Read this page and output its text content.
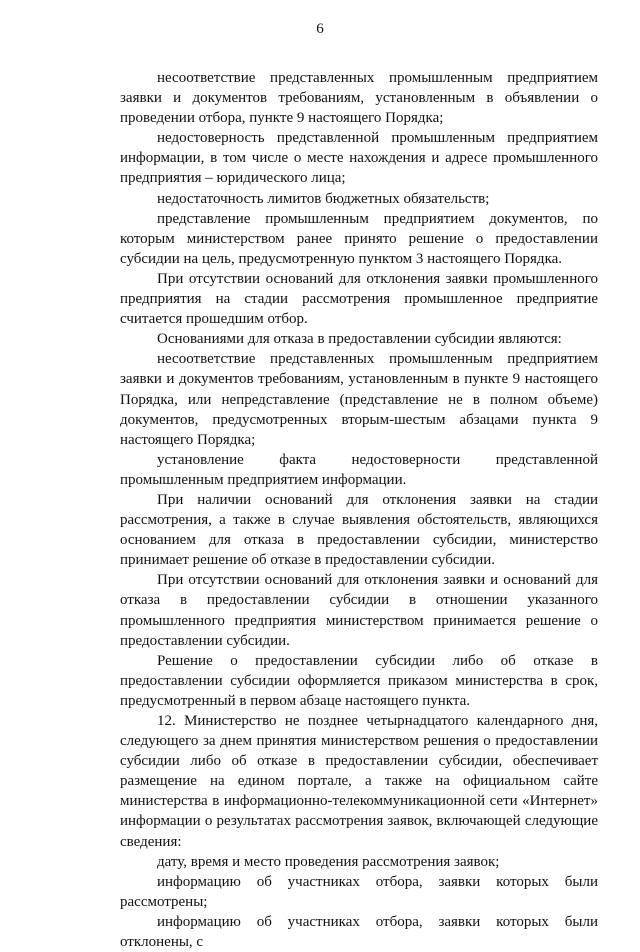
6

несоответствие представленных промышленным предприятием заявки и документов требованиям, установленным в объявлении о проведении отбора, пункте 9 настоящего Порядка;

недостоверность представленной промышленным предприятием информации, в том числе о месте нахождения и адресе промышленного предприятия – юридического лица;

недостаточность лимитов бюджетных обязательств;

представление промышленным предприятием документов, по которым министерством ранее принято решение о предоставлении субсидии на цель, предусмотренную пунктом 3 настоящего Порядка.

При отсутствии оснований для отклонения заявки промышленного предприятия на стадии рассмотрения промышленное предприятие считается прошедшим отбор.

Основаниями для отказа в предоставлении субсидии являются:

несоответствие представленных промышленным предприятием заявки и документов требованиям, установленным в пункте 9 настоящего Порядка, или непредставление (представление не в полном объеме) документов, предусмотренных вторым-шестым абзацами пункта 9 настоящего Порядка;

установление факта недостоверности представленной промышленным предприятием информации.

При наличии оснований для отклонения заявки на стадии рассмотрения, а также в случае выявления обстоятельств, являющихся основанием для отказа в предоставлении субсидии, министерство принимает решение об отказе в предоставлении субсидии.

При отсутствии оснований для отклонения заявки и оснований для отказа в предоставлении субсидии в отношении указанного промышленного предприятия министерством принимается решение о предоставлении субсидии.

Решение о предоставлении субсидии либо об отказе в предоставлении субсидии оформляется приказом министерства в срок, предусмотренный в первом абзаце настоящего пункта.

12. Министерство не позднее четырнадцатого календарного дня, следующего за днем принятия министерством решения о предоставлении субсидии либо об отказе в предоставлении субсидии, обеспечивает размещение на едином портале, а также на официальном сайте министерства в информационно-телекоммуникационной сети «Интернет» информации о результатах рассмотрения заявок, включающей следующие сведения:

дату, время и место проведения рассмотрения заявок;

информацию об участниках отбора, заявки которых были рассмотрены;

информацию об участниках отбора, заявки которых были отклонены, с
